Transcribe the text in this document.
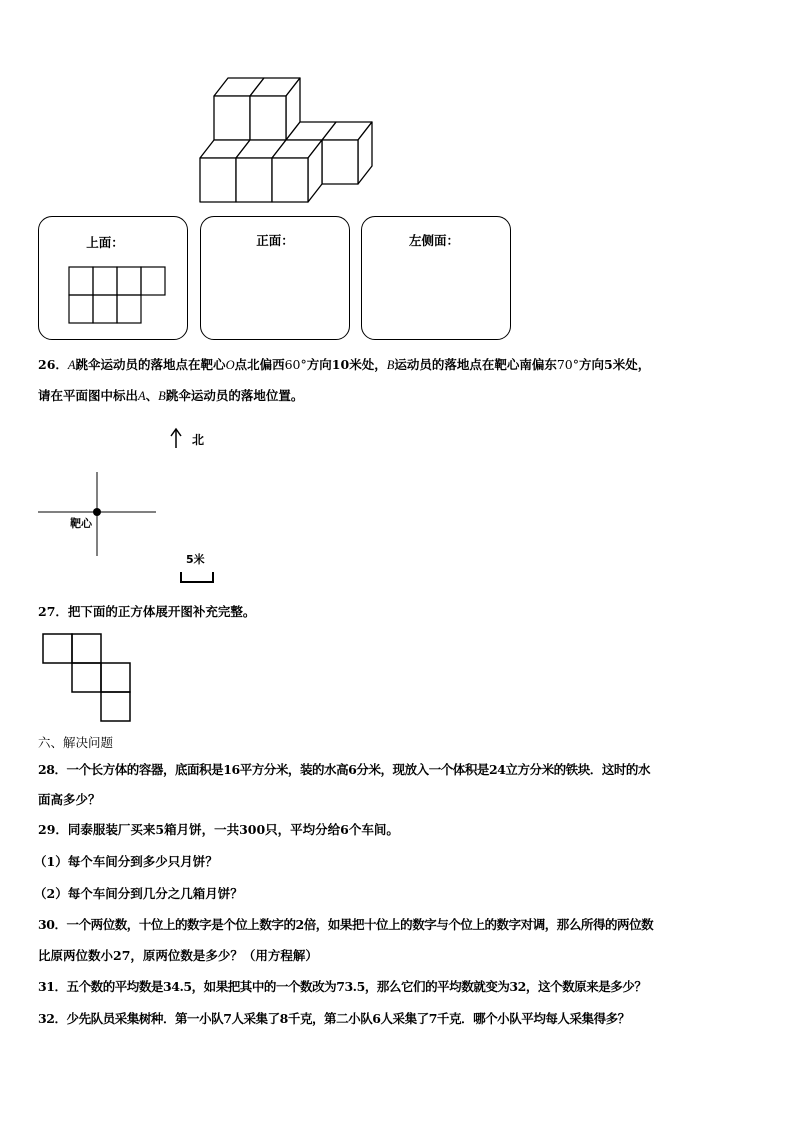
上面：	正面：	左侧面：
26．A跳伞运动员的落地点在靶心O点北偏西60°方向10米处，B运动员的落地点在靶心南偏东70°方向5米处，
请在平面图中标出A、B跳伞运动员的落地位置。
北
靶心
5米
27．把下面的正方体展开图补充完整。
六、解决问题
28．一个长方体的容器，底面积是16平方分米，装的水高6分米，现放入一个体积是24立方分米的铁块．这时的水
面高多少？
29．同泰服装厂买来5箱月饼，一共300只，平均分给6个车间。
（1）每个车间分到多少只月饼？
（2）每个车间分到几分之几箱月饼？
30．一个两位数，十位上的数字是个位上数字的2倍，如果把十位上的数字与个位上的数字对调，那么所得的两位数
比原两位数小27，原两位数是多少？（用方程解）
31．五个数的平均数是34.5，如果把其中的一个数改为73.5，那么它们的平均数就变为32，这个数原来是多少？
32．少先队员采集树种．第一小队7人采集了8千克，第二小队6人采集了7千克．哪个小队平均每人采集得多？
